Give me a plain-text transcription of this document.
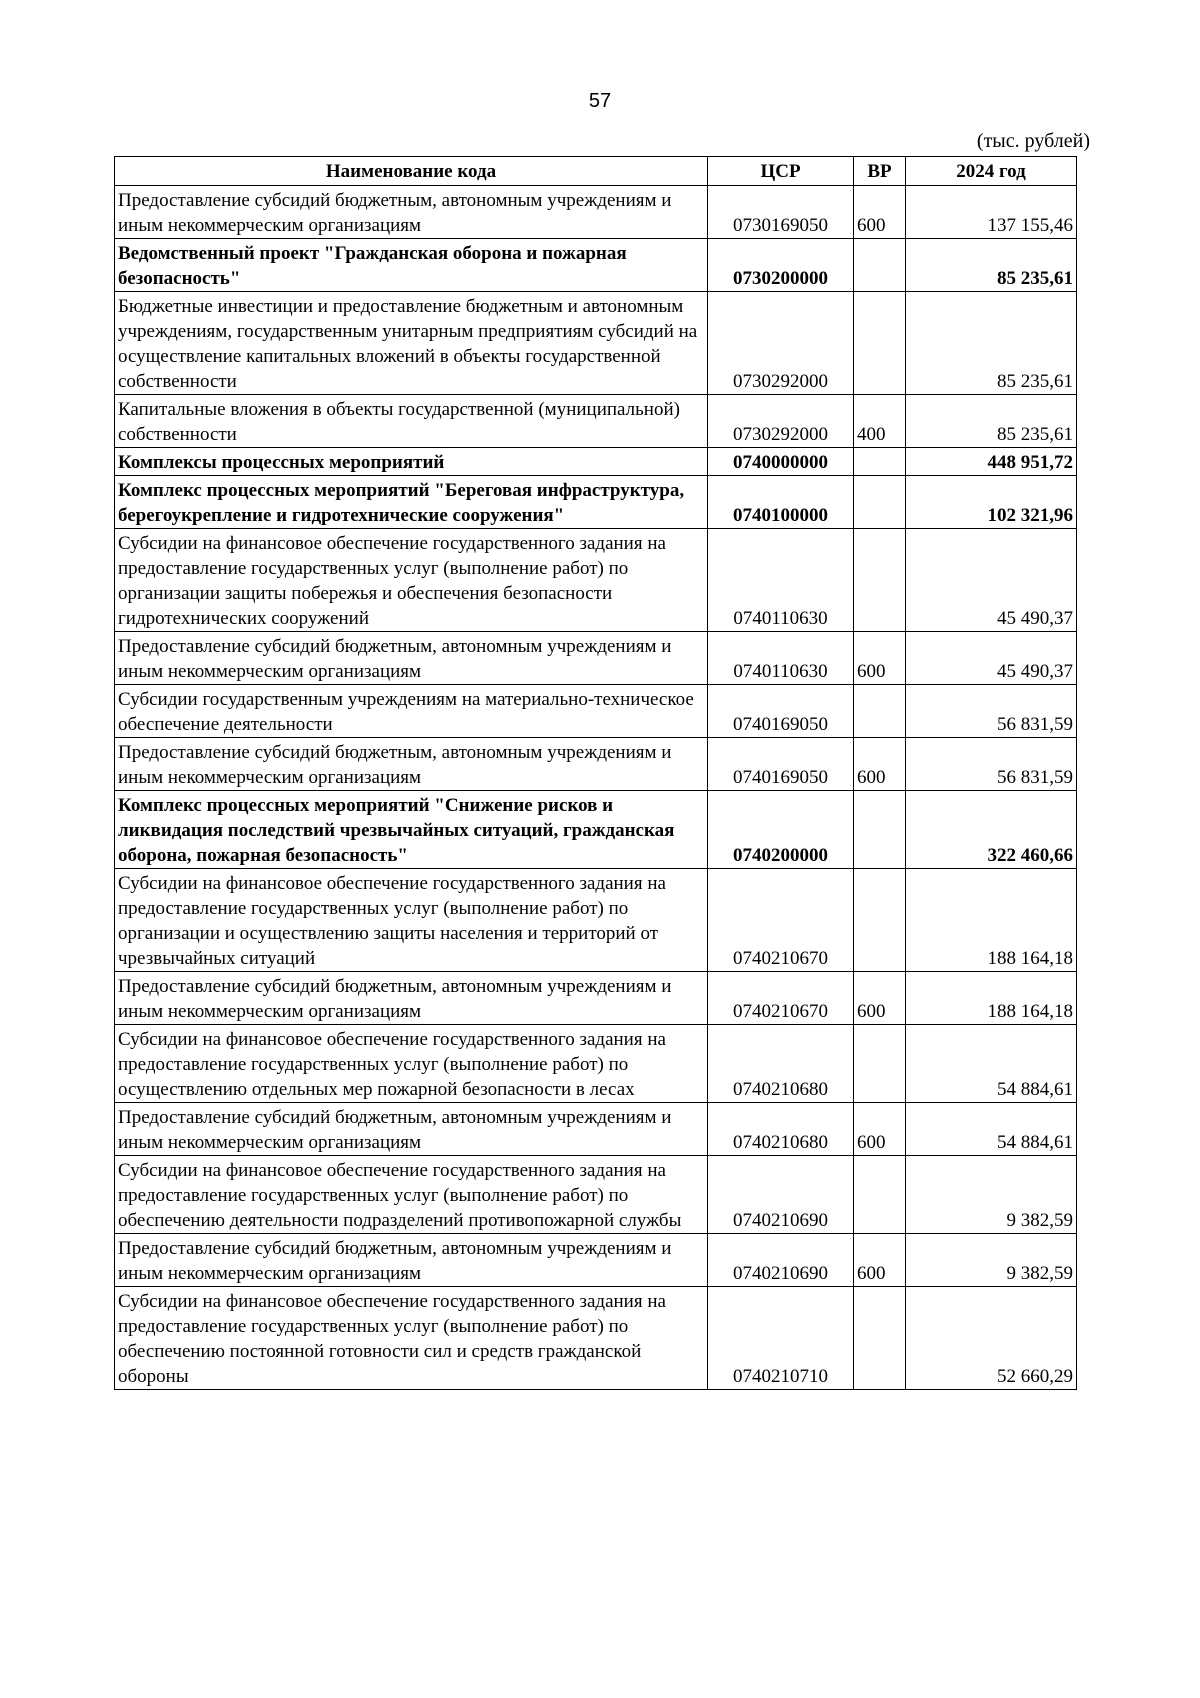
57
(тыс. рублей)
Наименование кода	ЦСР	ВР	2024 год
Предоставление субсидий бюджетным, автономным учреждениям и иным некоммерческим организациям	0730169050	600	137 155,46
Ведомственный проект "Гражданская оборона и пожарная безопасность"	0730200000		85 235,61
Бюджетные инвестиции и предоставление бюджетным и автономным учреждениям, государственным унитарным предприятиям субсидий на осуществление капитальных вложений в объекты государственной собственности	0730292000		85 235,61
Капитальные вложения в объекты государственной (муниципальной) собственности	0730292000	400	85 235,61
Комплексы процессных мероприятий	0740000000		448 951,72
Комплекс процессных мероприятий "Береговая инфраструктура, берегоукрепление и гидротехнические сооружения"	0740100000		102 321,96
Субсидии на финансовое обеспечение государственного задания на предоставление государственных услуг (выполнение работ) по организации защиты побережья и обеспечения безопасности гидротехнических сооружений	0740110630		45 490,37
Предоставление субсидий бюджетным, автономным учреждениям и иным некоммерческим организациям	0740110630	600	45 490,37
Субсидии государственным учреждениям на материально-техническое обеспечение деятельности	0740169050		56 831,59
Предоставление субсидий бюджетным, автономным учреждениям и иным некоммерческим организациям	0740169050	600	56 831,59
Комплекс процессных мероприятий "Снижение рисков и ликвидация последствий чрезвычайных ситуаций, гражданская оборона, пожарная безопасность"	0740200000		322 460,66
Субсидии на финансовое обеспечение государственного задания на предоставление государственных услуг (выполнение работ) по организации и осуществлению защиты населения и территорий от чрезвычайных ситуаций	0740210670		188 164,18
Предоставление субсидий бюджетным, автономным учреждениям и иным некоммерческим организациям	0740210670	600	188 164,18
Субсидии на финансовое обеспечение государственного задания на предоставление государственных услуг (выполнение работ) по осуществлению отдельных мер пожарной безопасности в лесах	0740210680		54 884,61
Предоставление субсидий бюджетным, автономным учреждениям и иным некоммерческим организациям	0740210680	600	54 884,61
Субсидии на финансовое обеспечение государственного задания на предоставление государственных услуг (выполнение работ) по обеспечению деятельности подразделений противопожарной службы	0740210690		9 382,59
Предоставление субсидий бюджетным, автономным учреждениям и иным некоммерческим организациям	0740210690	600	9 382,59
Субсидии на финансовое обеспечение государственного задания на предоставление государственных услуг (выполнение работ) по обеспечению постоянной готовности сил и средств гражданской обороны	0740210710		52 660,29
